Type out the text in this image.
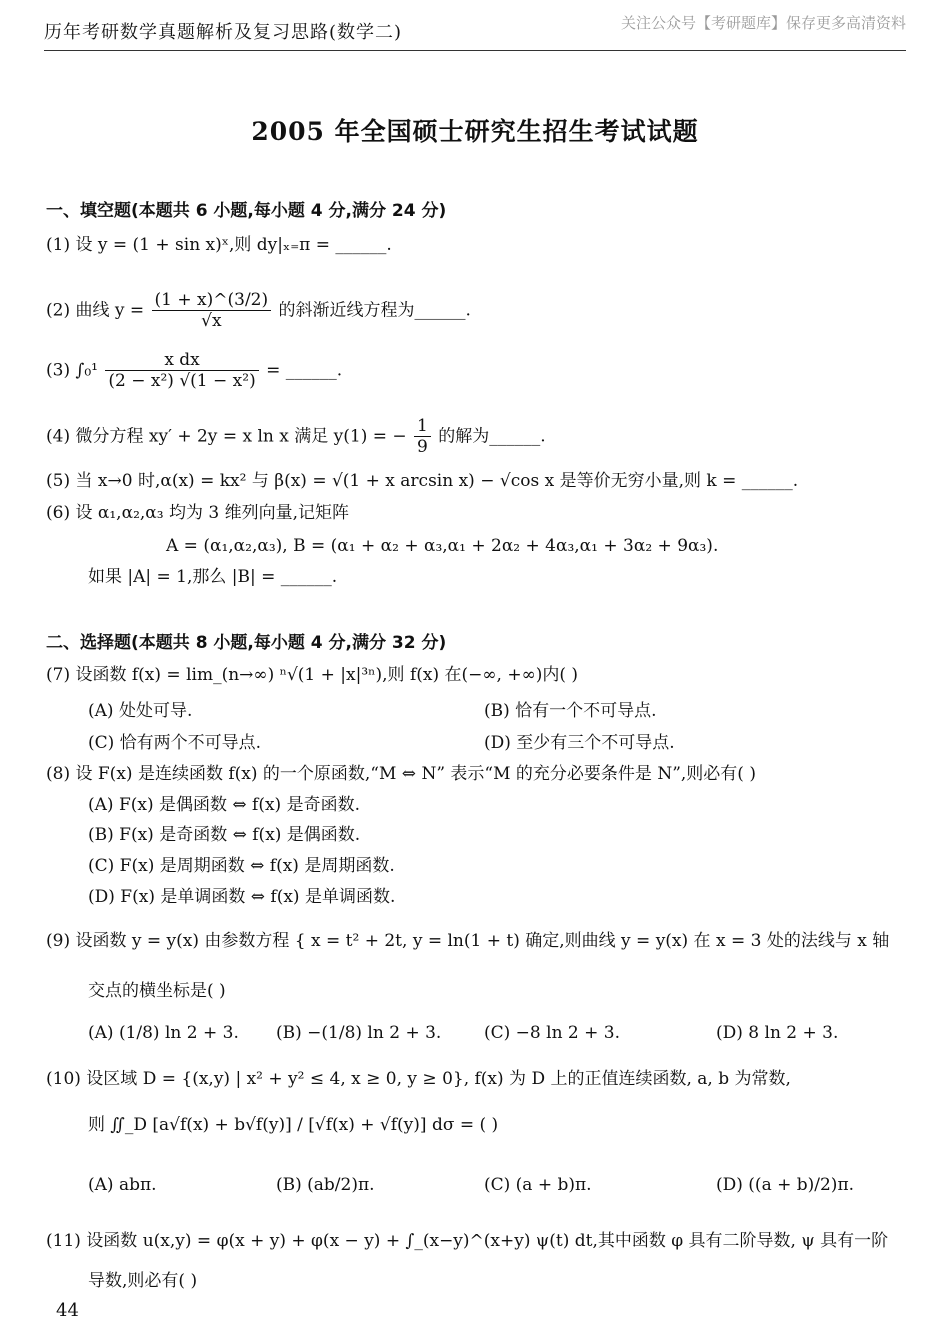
历年考研数学真题解析及复习思路(数学二)	关注公众号【考研题库】保存更多高清资料
2005 年全国硕士研究生招生考试试题
一、填空题(本题共 6 小题,每小题 4 分,满分 24 分)
(1) 设 y = (1 + sin x)ˣ,则 dy|ₓ₌π = ______.
(2) 曲线 $y = \frac{(1 + x)\^{}(3/2)}{√x}$ 的斜渐近线方程为______.
(3) $\int_0^1 \frac{\text{x dx}}{\text{(2 − x²) √(1 − x²)}}$ = ______.
(4) 微分方程 xy′ + 2y = x ln x 满足 y(1) = − $\frac{1}{9}$ 的解为______.
(5) 当 x→0 时,α(x) = kx² 与 β(x) = √(1 + x arcsin x) − √cos x 是等价无穷小量,则 k = ______.
(6) 设 α₁,α₂,α₃ 均为 3 维列向量,记矩阵
A = (α₁,α₂,α₃), B = (α₁ + α₂ + α₃,α₁ + 2α₂ + 4α₃,α₁ + 3α₂ + 9α₃).
如果 |A| = 1,那么 |B| = ______.
二、选择题(本题共 8 小题,每小题 4 分,满分 32 分)
(7) 设函数 f(x) = lim_(n→∞) ⁿ√(1 + |x|³ⁿ),则 f(x) 在(−∞, +∞)内( )
(A) 处处可导.	(B) 恰有一个不可导点.
(C) 恰有两个不可导点.	(D) 至少有三个不可导点.
(8) 设 F(x) 是连续函数 f(x) 的一个原函数,“M ⇔ N” 表示“M 的充分必要条件是 N”,则必有( )
(A) F(x) 是偶函数 ⇔ f(x) 是奇函数.
(B) F(x) 是奇函数 ⇔ f(x) 是偶函数.
(C) F(x) 是周期函数 ⇔ f(x) 是周期函数.
(D) F(x) 是单调函数 ⇔ f(x) 是单调函数.
(9) 设函数 y = y(x) 由参数方程 { x = t² + 2t, y = ln(1 + t) 确定,则曲线 y = y(x) 在 x = 3 处的法线与 x 轴
交点的横坐标是( )
(A) (1/8) ln 2 + 3.	(B) −(1/8) ln 2 + 3.	(C) −8 ln 2 + 3.	(D) 8 ln 2 + 3.
(10) 设区域 D = {(x,y) | x² + y² ≤ 4, x ≥ 0, y ≥ 0}, f(x) 为 D 上的正值连续函数, a, b 为常数,
则 ∬_D [a√f(x) + b√f(y)] / [√f(x) + √f(y)] dσ = ( )
(A) abπ.	(B) (ab/2)π.	(C) (a + b)π.	(D) ((a + b)/2)π.
(11) 设函数 u(x,y) = φ(x + y) + φ(x − y) + ∫_(x−y)^(x+y) ψ(t) dt,其中函数 φ 具有二阶导数, ψ 具有一阶
导数,则必有( )
44
